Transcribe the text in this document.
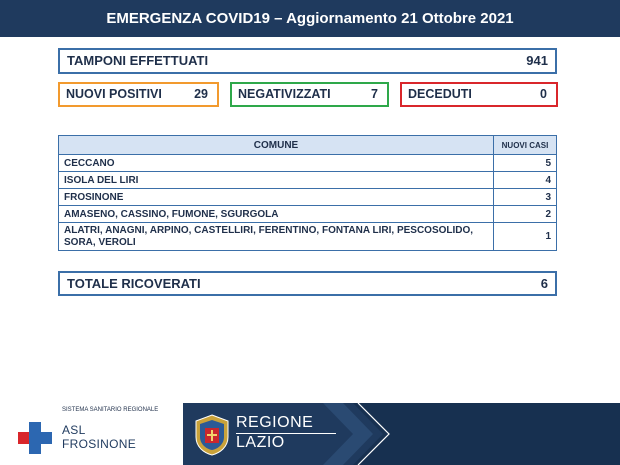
EMERGENZA COVID19 – Aggiornamento 21 Ottobre 2021
TAMPONI EFFETTUATI	941
NUOVI POSITIVI	29 NEGATIVIZZATI	7 DECEDUTI	0
COMUNE	NUOVI CASI
CECCANO	5
ISOLA DEL LIRI	4
FROSINONE	3
AMASENO, CASSINO, FUMONE, SGURGOLA	2
ALATRI, ANAGNI, ARPINO, CASTELLIRI, FERENTINO, FONTANA LIRI, PESCOSOLIDO, SORA, VEROLI	1
TOTALE RICOVERATI	6
SISTEMA SANITARIO REGIONALE
ASL
FROSINONE
REGIONE
LAZIO
